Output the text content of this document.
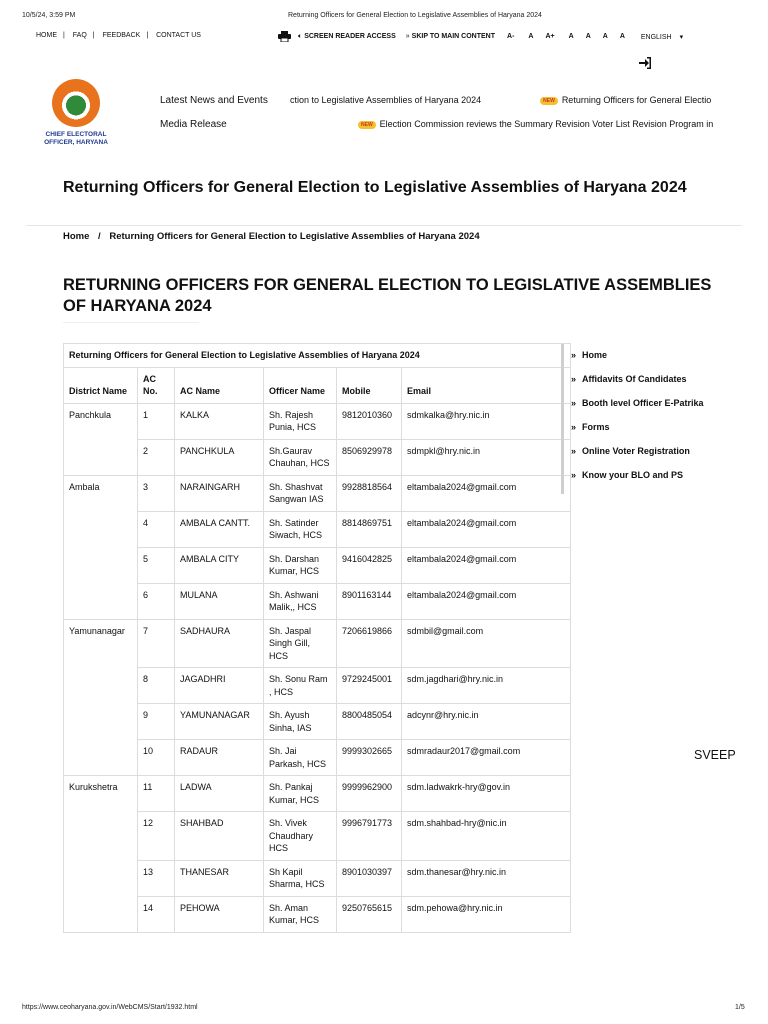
10/5/24, 3:59 PM	Returning Officers for General Election to Legislative Assemblies of Haryana 2024
HOME | FAQ | FEEDBACK | CONTACT US	🔈︎ SCREEN READER ACCESS » SKIP TO MAIN CONTENT A- A A+ A A A A ENGLISH ▾
CHIEF ELECTORAL
OFFICER, HARYANA
Latest News and Events
Media Release
ction to Legislative Assemblies of Haryana 2024	NEW Returning Officers for General Electio
NEW Election Commission reviews the Summary Revision Voter List Revision Program in
Returning Officers for General Election to Legislative Assemblies of Haryana 2024
Home / Returning Officers for General Election to Legislative Assemblies of Haryana 2024
RETURNING OFFICERS FOR GENERAL ELECTION TO LEGISLATIVE ASSEMBLIES OF HARYANA 2024
Returning Officers for General Election to Legislative Assemblies of Haryana 2024					
District Name	AC No.	AC Name	Officer Name	Mobile	Email
Panchkula	1	KALKA	Sh. Rajesh Punia, HCS	9812010360	sdmkalka@hry.nic.in
	2	PANCHKULA	Sh.Gaurav Chauhan, HCS	8506929978	sdmpkl@hry.nic.in
Ambala	3	NARAINGARH	Sh. Shashvat Sangwan IAS	9928818564	eltambala2024@gmail.com
	4	AMBALA CANTT.	Sh. Satinder Siwach, HCS	8814869751	eltambala2024@gmail.com
	5	AMBALA CITY	Sh. Darshan Kumar, HCS	9416042825	eltambala2024@gmail.com
	6	MULANA	Sh. Ashwani Malik,, HCS	8901163144	eltambala2024@gmail.com
Yamunanagar	7	SADHAURA	Sh. Jaspal Singh Gill, HCS	7206619866	sdmbil@gmail.com
	8	JAGADHRI	Sh. Sonu Ram , HCS	9729245001	sdm.jagdhari@hry.nic.in
	9	YAMUNANAGAR	Sh. Ayush Sinha, IAS	8800485054	adcynr@hry.nic.in
	10	RADAUR	Sh. Jai Parkash, HCS	9999302665	sdmradaur2017@gmail.com
Kurukshetra	11	LADWA	Sh. Pankaj Kumar, HCS	9999962900	sdm.ladwakrk-hry@gov.in
	12	SHAHBAD	Sh. Vivek Chaudhary HCS	9996791773	sdm.shahbad-hry@nic.in
	13	THANESAR	Sh Kapil Sharma, HCS	8901030397	sdm.thanesar@hry.nic.in
	14	PEHOWA	Sh. Aman Kumar, HCS	9250765615	sdm.pehowa@hry.nic.in
» Home
» Affidavits Of Candidates
» Booth level Officer E-Patrika
» Forms
» Online Voter Registration
» Know your BLO and PS
SVEEP
https://www.ceoharyana.gov.in/WebCMS/Start/1932.html	1/5
